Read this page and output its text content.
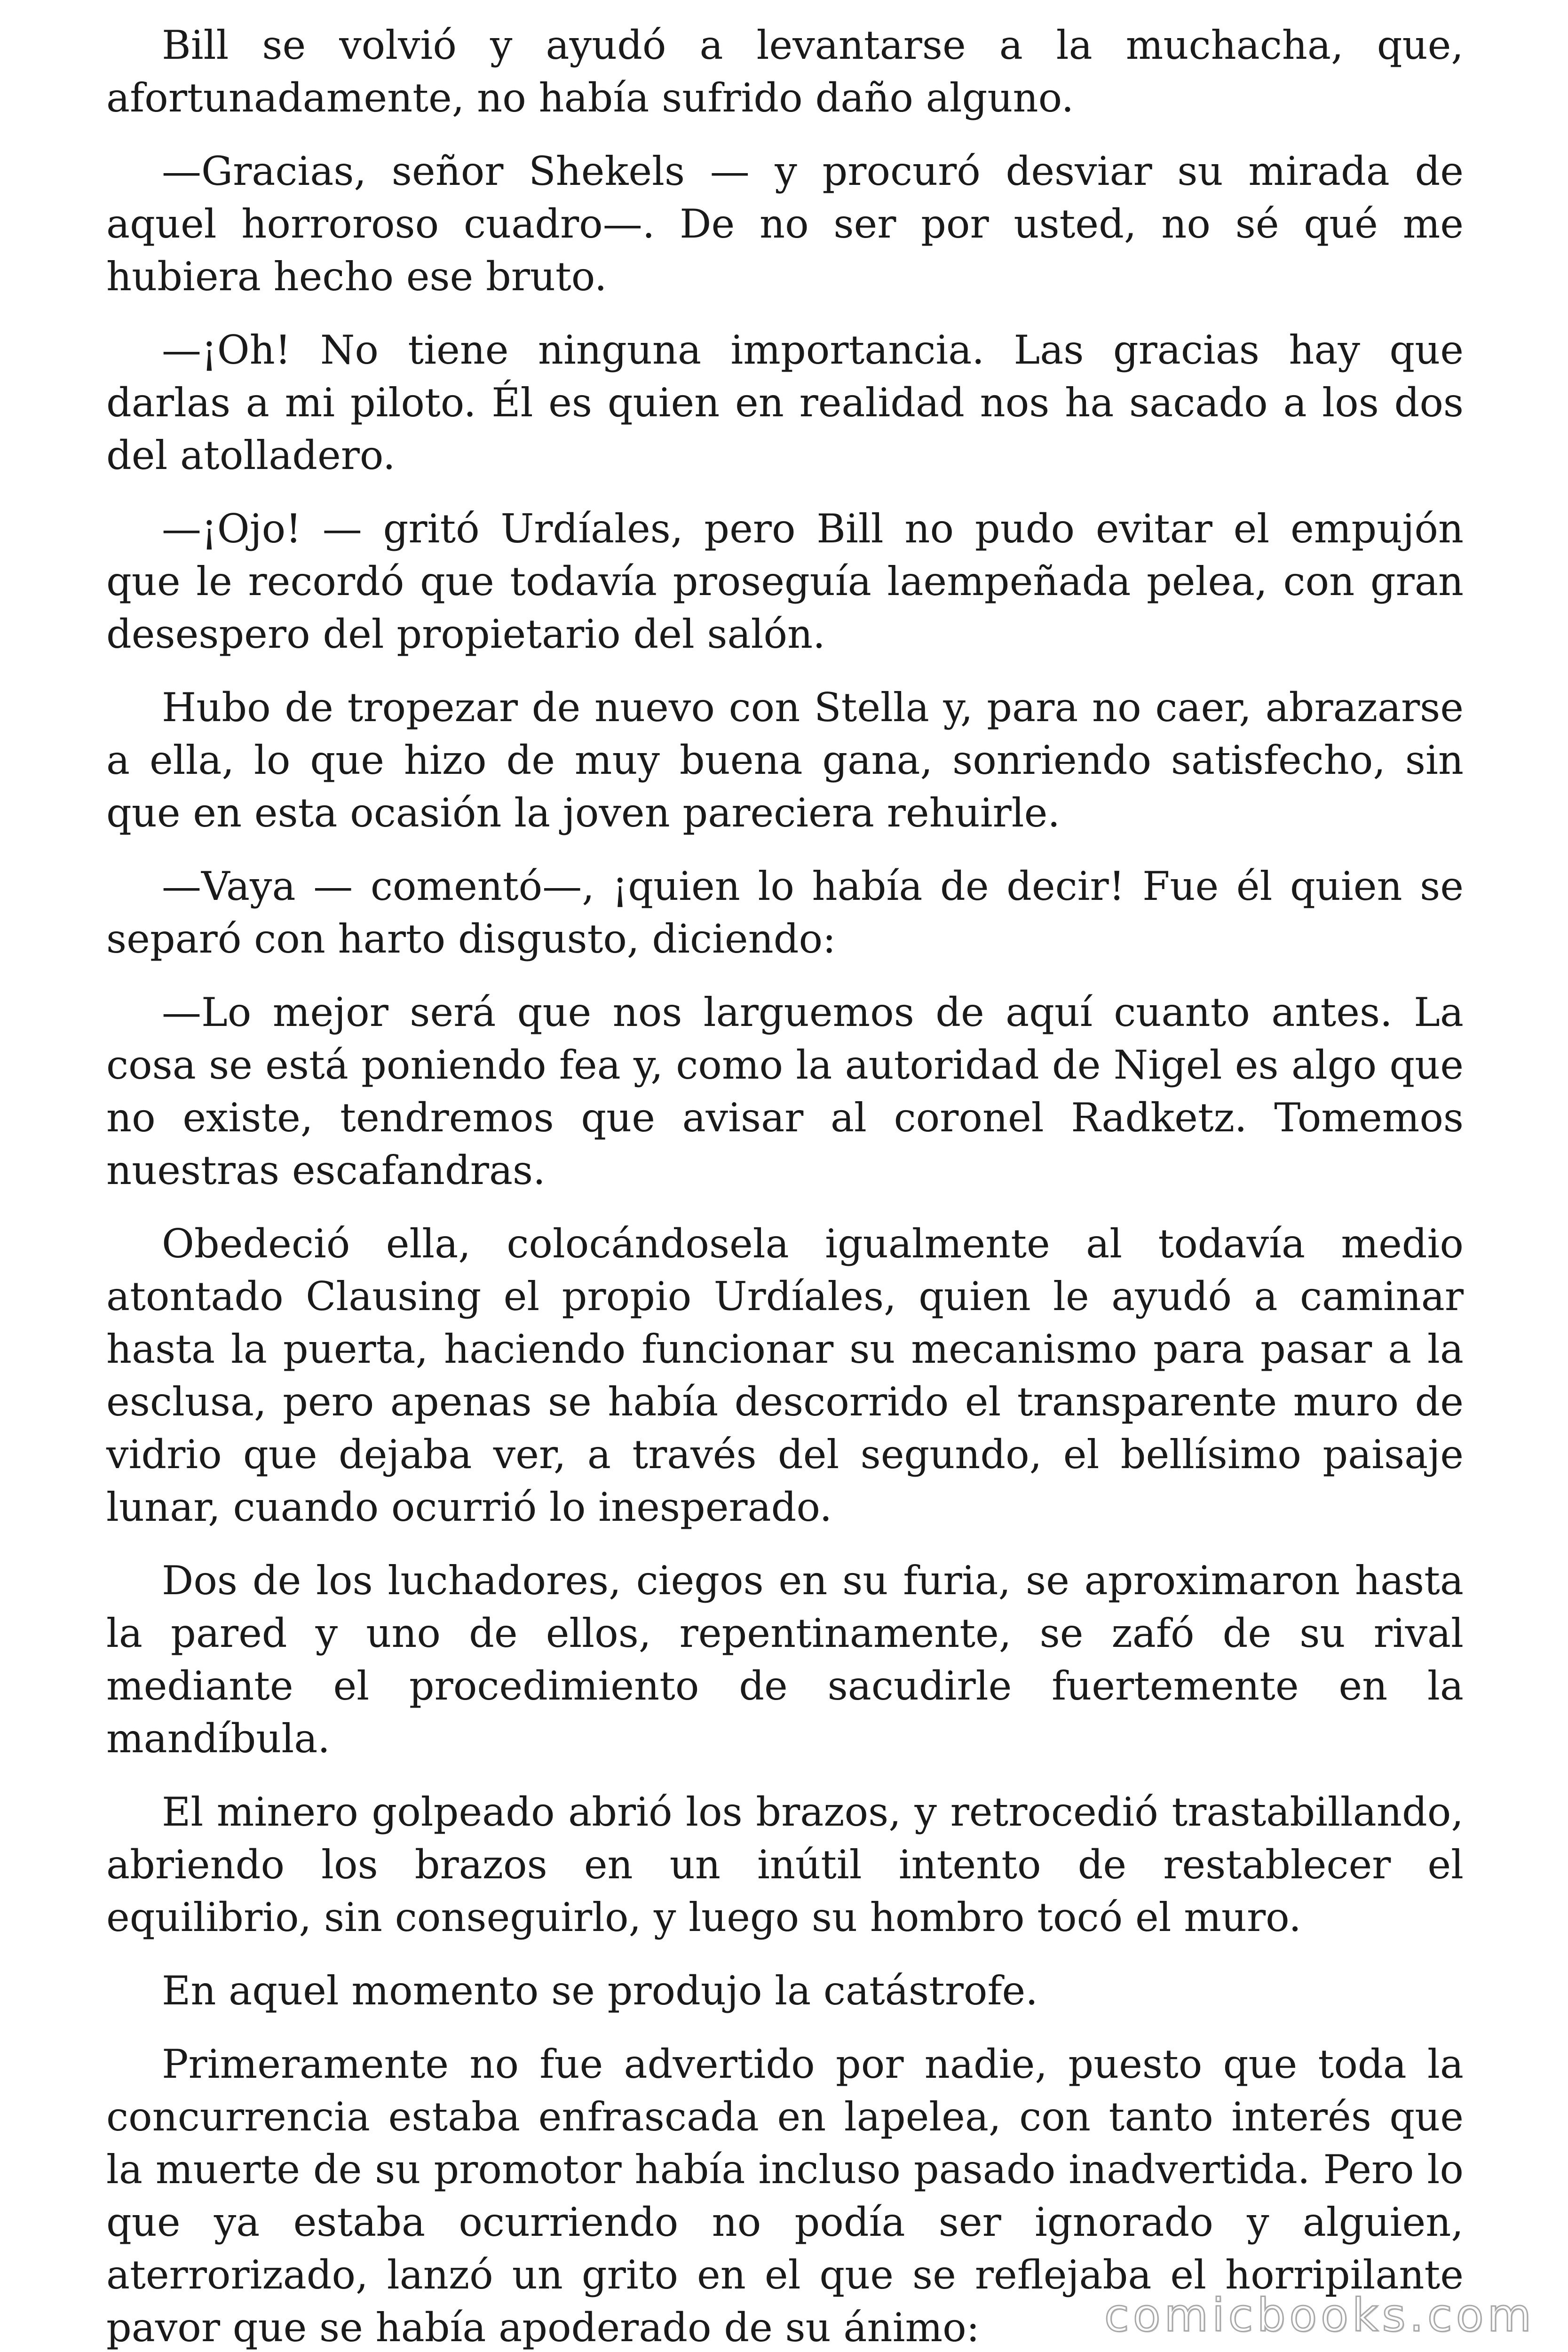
Bill se volvió y ayudó a levantarse a la muchacha, que, afortunadamente, no había sufrido daño alguno.

—Gracias, señor Shekels — y procuró desviar su mirada de aquel horroroso cuadro—. De no ser por usted, no sé qué me hubiera hecho ese bruto.

—¡Oh! No tiene ninguna importancia. Las gracias hay que darlas a mi piloto. Él es quien en realidad nos ha sacado a los dos del atolladero.

—¡Ojo! — gritó Urdíales, pero Bill no pudo evitar el empujón que le recordó que todavía proseguía laempeñada pelea, con gran desespero del propietario del salón.

Hubo de tropezar de nuevo con Stella y, para no caer, abrazarse a ella, lo que hizo de muy buena gana, sonriendo satisfecho, sin que en esta ocasión la joven pareciera rehuirle.

—Vaya — comentó—, ¡quien lo había de decir! Fue él quien se separó con harto disgusto, diciendo:

—Lo mejor será que nos larguemos de aquí cuanto antes. La cosa se está poniendo fea y, como la autoridad de Nigel es algo que no existe, tendremos que avisar al coronel Radketz. Tomemos nuestras escafandras.

Obedeció ella, colocándosela igualmente al todavía medio atontado Clausing el propio Urdíales, quien le ayudó a caminar hasta la puerta, haciendo funcionar su mecanismo para pasar a la esclusa, pero apenas se había descorrido el transparente muro de vidrio que dejaba ver, a través del segundo, el bellísimo paisaje lunar, cuando ocurrió lo inesperado.

Dos de los luchadores, ciegos en su furia, se aproximaron hasta la pared y uno de ellos, repentinamente, se zafó de su rival mediante el procedimiento de sacudirle fuertemente en la mandíbula.

El minero golpeado abrió los brazos, y retrocedió trastabillando, abriendo los brazos en un inútil intento de restablecer el equilibrio, sin conseguirlo, y luego su hombro tocó el muro.

En aquel momento se produjo la catástrofe.

Primeramente no fue advertido por nadie, puesto que toda la concurrencia estaba enfrascada en lapelea, con tanto interés que la muerte de su promotor había incluso pasado inadvertida. Pero lo que ya estaba ocurriendo no podía ser ignorado y alguien, aterrorizado, lanzó un grito en el que se reflejaba el horripilante pavor que se había apoderado de su ánimo:	comicbooks.com
